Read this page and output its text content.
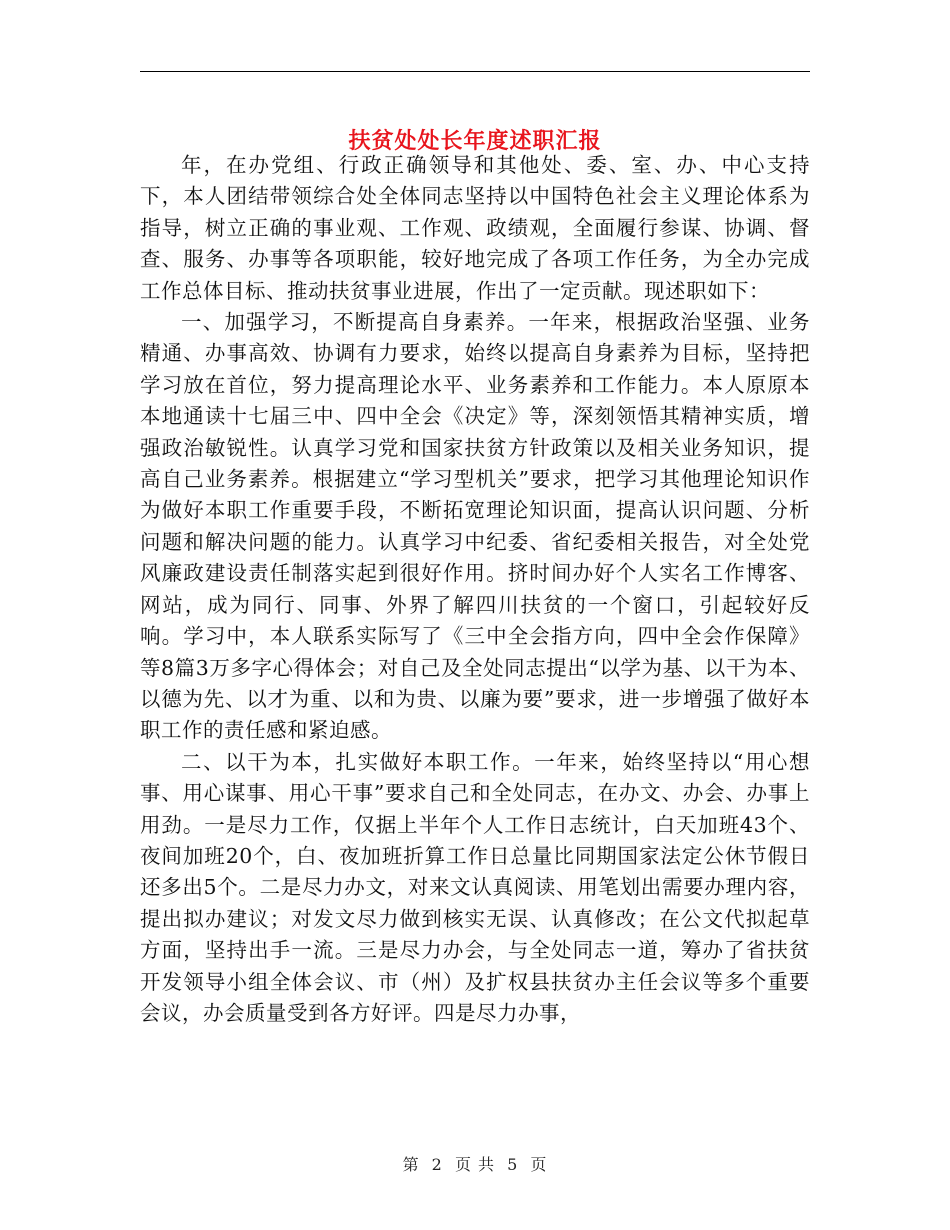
扶贫处处长年度述职汇报

年，在办党组、行政正确领导和其他处、委、室、办、中心支持下，本人团结带领综合处全体同志坚持以中国特色社会主义理论体系为指导，树立正确的事业观、工作观、政绩观，全面履行参谋、协调、督查、服务、办事等各项职能，较好地完成了各项工作任务，为全办完成工作总体目标、推动扶贫事业进展，作出了一定贡献。现述职如下：

一、加强学习，不断提高自身素养。一年来，根据政治坚强、业务精通、办事高效、协调有力要求，始终以提高自身素养为目标，坚持把学习放在首位，努力提高理论水平、业务素养和工作能力。本人原原本本地通读十七届三中、四中全会《决定》等，深刻领悟其精神实质，增强政治敏锐性。认真学习党和国家扶贫方针政策以及相关业务知识，提高自己业务素养。根据建立“学习型机关”要求，把学习其他理论知识作为做好本职工作重要手段，不断拓宽理论知识面，提高认识问题、分析问题和解决问题的能力。认真学习中纪委、省纪委相关报告，对全处党风廉政建设责任制落实起到很好作用。挤时间办好个人实名工作博客、网站，成为同行、同事、外界了解四川扶贫的一个窗口，引起较好反响。学习中，本人联系实际写了《三中全会指方向，四中全会作保障》等8篇3万多字心得体会；对自己及全处同志提出“以学为基、以干为本、以德为先、以才为重、以和为贵、以廉为要”要求，进一步增强了做好本职工作的责任感和紧迫感。

二、以干为本，扎实做好本职工作。一年来，始终坚持以“用心想事、用心谋事、用心干事”要求自己和全处同志，在办文、办会、办事上用劲。一是尽力工作，仅据上半年个人工作日志统计，白天加班43个、夜间加班20个，白、夜加班折算工作日总量比同期国家法定公休节假日还多出5个。二是尽力办文，对来文认真阅读、用笔划出需要办理内容，提出拟办建议；对发文尽力做到核实无误、认真修改；在公文代拟起草方面，坚持出手一流。三是尽力办会，与全处同志一道，筹办了省扶贫开发领导小组全体会议、市（州）及扩权县扶贫办主任会议等多个重要会议，办会质量受到各方好评。四是尽力办事，

第 2 页 共 5 页
